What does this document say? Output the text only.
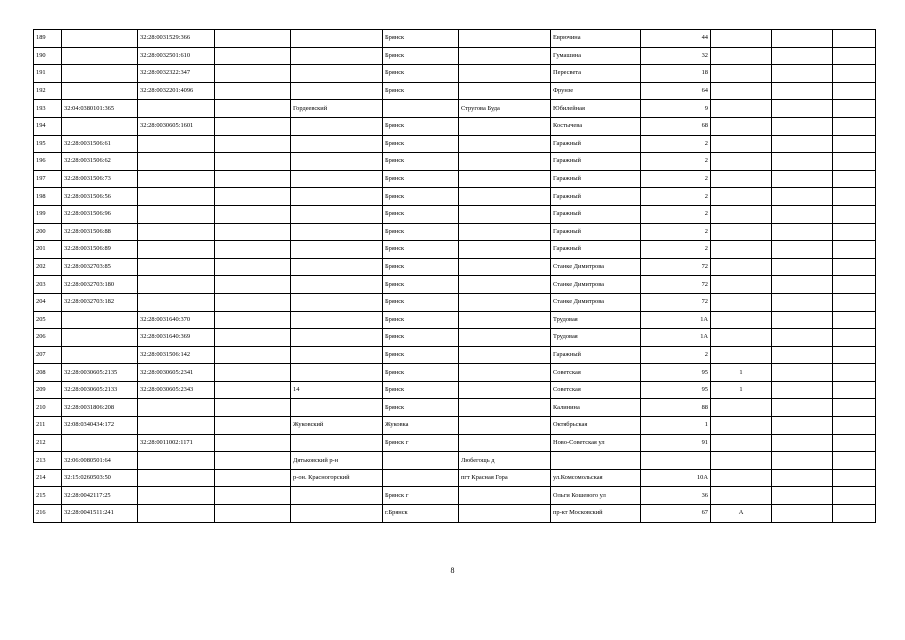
189		32:28:0031529:366			Брянск		Еврючина	44			
190		32:28:0032501:610			Брянск		Гумашина	32			
191		32:28:0032322:347			Брянск		Пересвета	18			
192		32:28:0032201:4096			Брянск		Фрунзе	64			
193	32:04:0380101:365			Гордеевский		Струговa Буда	Юбилейная	9			
194		32:28:0030605:1601			Брянск		Костычева	68			
195	32:28:0031506:61				Брянск		Гаражный	2			
196	32:28:0031506:62				Брянск		Гаражный	2			
197	32:28:0031506:73				Брянск		Гаражный	2			
198	32:28:0031506:56				Брянск		Гаражный	2			
199	32:28:0031506:96				Брянск		Гаражный	2			
200	32:28:0031506:88				Брянск		Гаражный	2			
201	32:28:0031506:89				Брянск		Гаражный	2			
202	32:28:0032703:85				Брянск		Станке Димитрова	72			
203	32:28:0032703:180				Брянск		Станке Димитрова	72			
204	32:28:0032703:182				Брянск		Станке Димитрова	72			
205		32:28:0031640:370			Брянск		Трудовая	1А			
206		32:28:0031640:369			Брянск		Трудовая	1А			
207		32:28:0031506:142			Брянск		Гаражный	2			
208	32:28:0030605:2135	32:28:0030605:2341			Брянск		Советская	95	1		
209	32:28:0030605:2133	32:28:0030605:2343		14	Брянск		Советская	95	1		
210	32:28:0031806:208				Брянск		Калинина	88			
211	32:08:0340434:172			Жуковский	Жуковка		Октябрьская	1			
212		32:28:0011002:1171			Брянск г		Ново-Советская ул	91			
213	32:06:0080501:64			Дятьковский р-н		Любегощь д					
214	32:15:0260503:50			р-он. Красногорский		пгт Красная Гора	ул.Комсомольская	10А			
215	32:28:0042117:25				Брянск г		Ольги Кошевого ул	36			
216	32:28:0041511:241				г.Брянск		пр-кт Московский	67	А		
8
